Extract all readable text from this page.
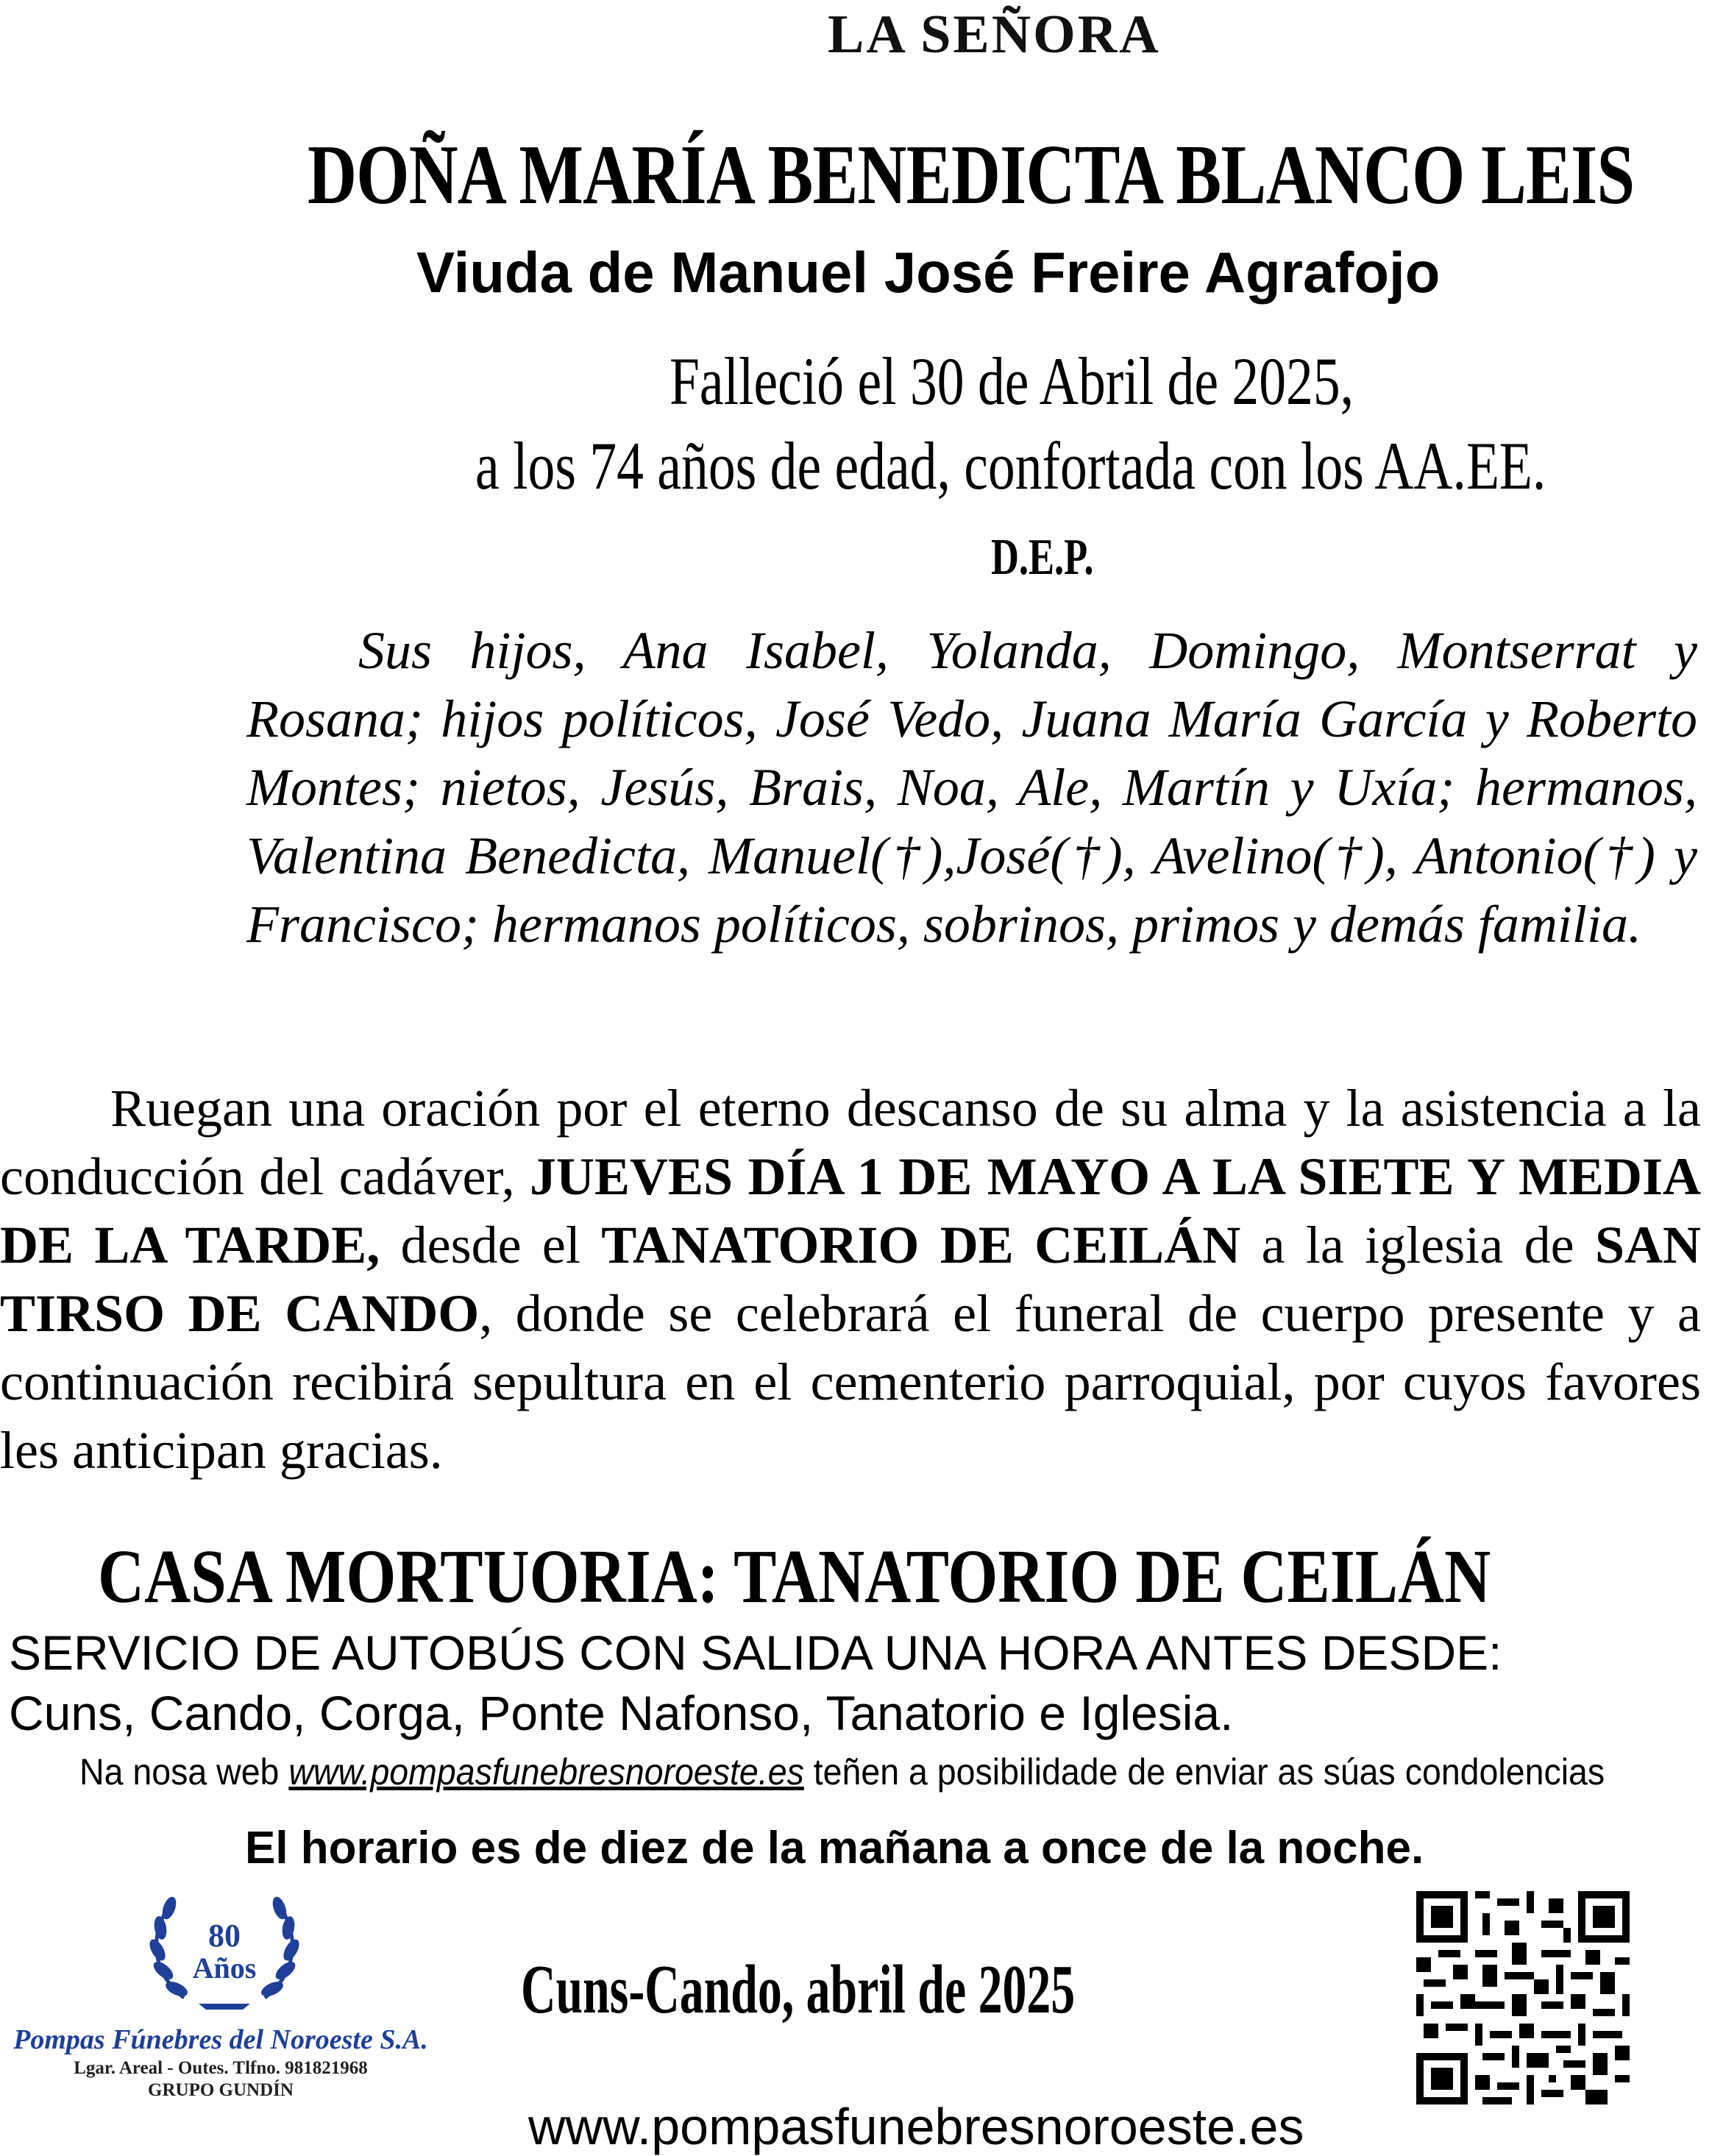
LA SEÑORA
DOÑA MARÍA BENEDICTA BLANCO LEIS
Viuda de Manuel José Freire Agrafojo
Falleció el 30 de Abril de 2025,
a los 74 años de edad, confortada con los AA.EE.
D.E.P.
Sus hijos, Ana Isabel, Yolanda, Domingo, Montserrat y Rosana; hijos políticos, José Vedo, Juana María García y Roberto Montes; nietos, Jesús, Brais, Noa, Ale, Martín y Uxía; hermanos, Valentina Benedicta, Manuel(†),José(†), Avelino(†), Antonio(†) y Francisco; hermanos políticos, sobrinos, primos y demás familia.
Ruegan una oración por el eterno descanso de su alma y la asistencia a la conducción del cadáver, JUEVES DÍA 1 DE MAYO A LA SIETE Y MEDIA DE LA TARDE, desde el TANATORIO DE CEILÁN a la iglesia de SAN TIRSO DE CANDO, donde se celebrará el funeral de cuerpo presente y a continuación recibirá sepultura en el cementerio parroquial, por cuyos favores les anticipan gracias.
CASA MORTUORIA: TANATORIO DE CEILÁN
SERVICIO DE AUTOBÚS CON SALIDA UNA HORA ANTES DESDE:
Cuns, Cando, Corga, Ponte Nafonso, Tanatorio e Iglesia.
Na nosa web www.pompasfunebresnoroeste.es teñen a posibilidade de enviar as súas condolencias
El horario es de diez de la mañana a once de la noche.
80
Años
Pompas Fúnebres del Noroeste S.A.
Lgar. Areal - Outes. Tlfno. 981821968
GRUPO GUNDÍN
Cuns-Cando, abril de 2025
www.pompasfunebresnoroeste.es
